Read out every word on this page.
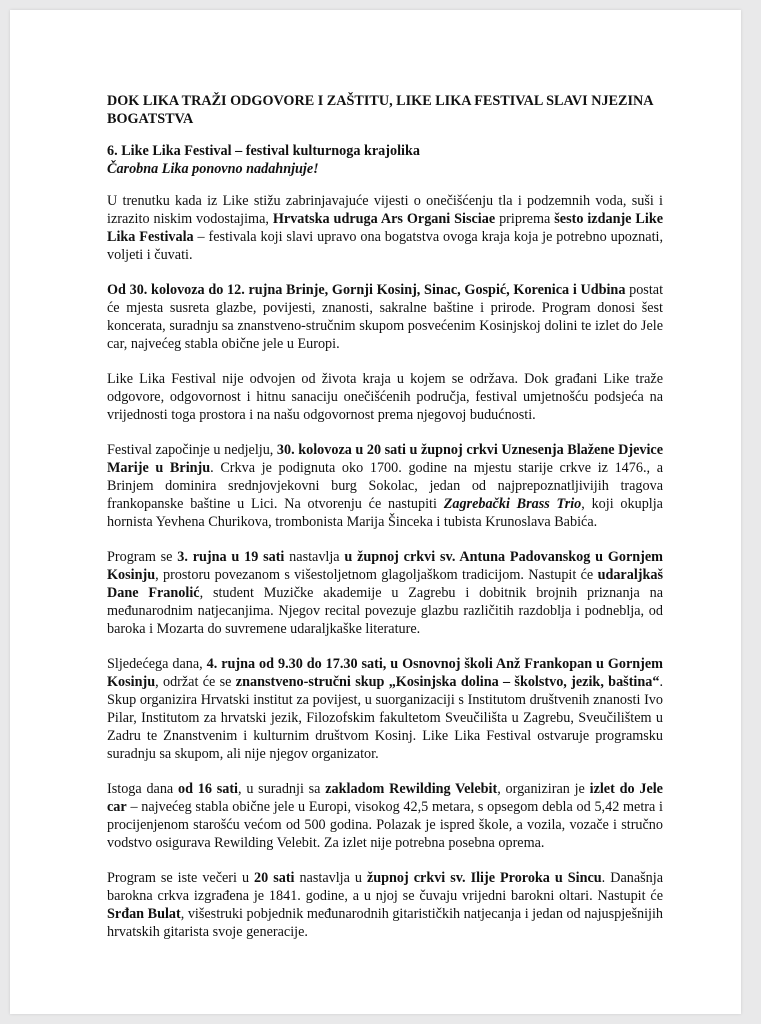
DOK LIKA TRAŽI ODGOVORE I ZAŠTITU, LIKE LIKA FESTIVAL SLAVI NJEZINA BOGATSTVA
6. Like Lika Festival – festival kulturnoga krajolika
Čarobna Lika ponovno nadahnjuje!

U trenutku kada iz Like stižu zabrinjavajuće vijesti o onečišćenju tla i podzemnih voda, suši i izrazito niskim vodostajima, Hrvatska udruga Ars Organi Sisciae priprema šesto izdanje Like Lika Festivala – festivala koji slavi upravo ona bogatstva ovoga kraja koja je potrebno upoznati, voljeti i čuvati.

Od 30. kolovoza do 12. rujna Brinje, Gornji Kosinj, Sinac, Gospić, Korenica i Udbina postat će mjesta susreta glazbe, povijesti, znanosti, sakralne baštine i prirode. Program donosi šest koncerata, suradnju sa znanstveno-stručnim skupom posvećenim Kosinjskoj dolini te izlet do Jele car, najvećeg stabla obične jele u Europi.

Like Lika Festival nije odvojen od života kraja u kojem se održava. Dok građani Like traže odgovore, odgovornost i hitnu sanaciju onečišćenih područja, festival umjetnošću podsjeća na vrijednosti toga prostora i na našu odgovornost prema njegovoj budućnosti.

Festival započinje u nedjelju, 30. kolovoza u 20 sati u župnoj crkvi Uznesenja Blažene Djevice Marije u Brinju. Crkva je podignuta oko 1700. godine na mjestu starije crkve iz 1476., a Brinjem dominira srednjovjekovni burg Sokolac, jedan od najprepoznatljivijih tragova frankopanske baštine u Lici. Na otvorenju će nastupiti Zagrebački Brass Trio, koji okuplja hornista Yevhena Churikova, trombonista Marija Šinceka i tubista Krunoslava Babića.

Program se 3. rujna u 19 sati nastavlja u župnoj crkvi sv. Antuna Padovanskog u Gornjem Kosinju, prostoru povezanom s višestoljetnom glagoljaškom tradicijom. Nastupit će udaraljkaš Dane Franolić, student Muzičke akademije u Zagrebu i dobitnik brojnih priznanja na međunarodnim natjecanjima. Njegov recital povezuje glazbu različitih razdoblja i podneblja, od baroka i Mozarta do suvremene udaraljkaške literature.

Sljedećega dana, 4. rujna od 9.30 do 17.30 sati, u Osnovnoj školi Anž Frankopan u Gornjem Kosinju, održat će se znanstveno-stručni skup „Kosinjska dolina – školstvo, jezik, baština“. Skup organizira Hrvatski institut za povijest, u suorganizaciji s Institutom društvenih znanosti Ivo Pilar, Institutom za hrvatski jezik, Filozofskim fakultetom Sveučilišta u Zagrebu, Sveučilištem u Zadru te Znanstvenim i kulturnim društvom Kosinj. Like Lika Festival ostvaruje programsku suradnju sa skupom, ali nije njegov organizator.

Istoga dana od 16 sati, u suradnji sa zakladom Rewilding Velebit, organiziran je izlet do Jele car – najvećeg stabla obične jele u Europi, visokog 42,5 metara, s opsegom debla od 5,42 metra i procijenjenom starošću većom od 500 godina. Polazak je ispred škole, a vozila, vozače i stručno vodstvo osigurava Rewilding Velebit. Za izlet nije potrebna posebna oprema.

Program se iste večeri u 20 sati nastavlja u župnoj crkvi sv. Ilije Proroka u Sincu. Današnja barokna crkva izgrađena je 1841. godine, a u njoj se čuvaju vrijedni barokni oltari. Nastupit će Srđan Bulat, višestruki pobjednik međunarodnih gitarističkih natjecanja i jedan od najuspješnijih hrvatskih gitarista svoje generacije.
